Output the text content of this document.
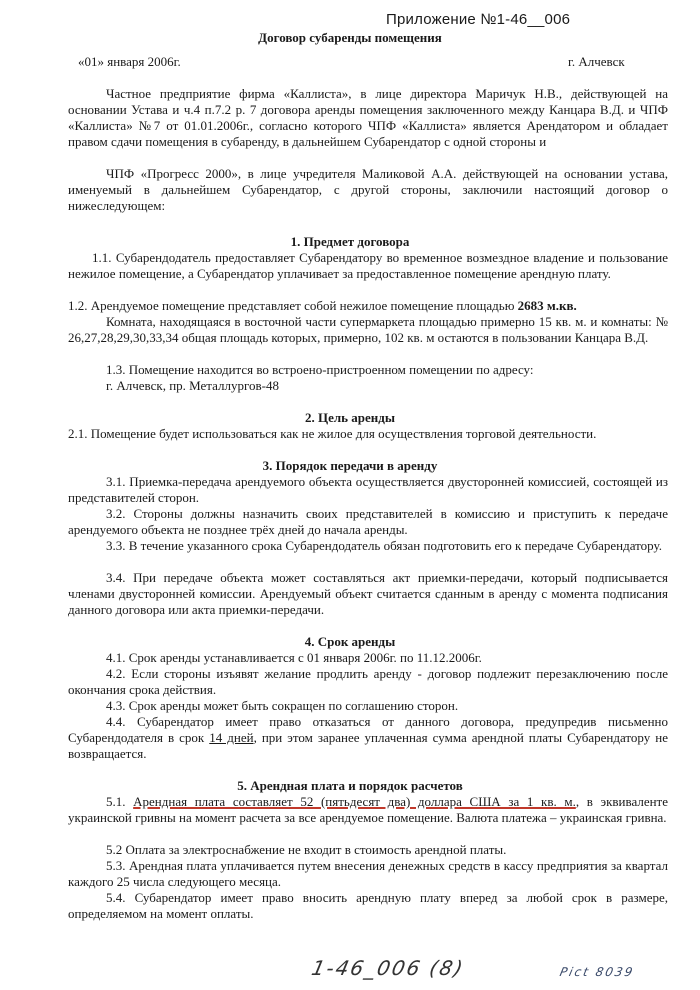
Приложение №1-46__006
Договор субаренды помещения
«01» января 2006г.	г. Алчевск
Частное предприятие фирма «Каллиста», в лице директора Маричук Н.В., действующей на основании Устава и ч.4 п.7.2 р. 7 договора аренды помещения заключенного между Канцара В.Д. и ЧПФ «Каллиста» №7 от 01.01.2006г., согласно которого ЧПФ «Каллиста» является Арендатором и обладает правом сдачи помещения в субаренду, в дальнейшем Субарендатор с одной стороны и
ЧПФ «Прогресс 2000», в лице учредителя Маликовой А.А. действующей на основании устава, именуемый в дальнейшем Субарендатор, с другой стороны, заключили настоящий договор о нижеследующем:
1. Предмет договора
1.1. Субарендодатель предоставляет Субарендатору во временное возмездное владение и пользование нежилое помещение, а Субарендатор уплачивает за предоставленное помещение арендную плату.
1.2. Арендуемое помещение представляет собой нежилое помещение площадью 2683 м.кв.
Комната, находящаяся в восточной части супермаркета площадью примерно 15 кв. м. и комнаты: № 26,27,28,29,30,33,34 общая площадь которых, примерно, 102 кв. м остаются в пользовании Канцара В.Д.
1.3. Помещение находится во встроено-пристроенном помещении по адресу:
г. Алчевск, пр. Металлургов-48
2. Цель аренды
2.1. Помещение будет использоваться как не жилое для осуществления торговой деятельности.
3. Порядок передачи в аренду
3.1. Приемка-передача арендуемого объекта осуществляется двусторонней комиссией, состоящей из представителей сторон.
3.2. Стороны должны назначить своих представителей в комиссию и приступить к передаче арендуемого объекта не позднее трёх дней до начала аренды.
3.3. В течение указанного срока Субарендодатель обязан подготовить его к передаче Субарендатору.
3.4. При передаче объекта может составляться акт приемки-передачи, который подписывается членами двусторонней комиссии. Арендуемый объект считается сданным в аренду с момента подписания данного договора или акта приемки-передачи.
4. Срок аренды
4.1. Срок аренды устанавливается с 01 января 2006г. по 11.12.2006г.
4.2. Если стороны изъявят желание продлить аренду - договор подлежит перезаключению после окончания срока действия.
4.3. Срок аренды может быть сокращен по соглашению сторон.
4.4. Субарендатор имеет право отказаться от данного договора, предупредив письменно Субарендодателя в срок 14 дней, при этом заранее уплаченная сумма арендной платы Субарендатору не возвращается.
5. Арендная плата и порядок расчетов
5.1. Арендная плата составляет 52 (пятьдесят два) доллара США за 1 кв. м., в эквиваленте украинской гривны на момент расчета за все арендуемое помещение. Валюта платежа – украинская гривна.
5.2 Оплата за электроснабжение не входит в стоимость арендной платы.
5.3. Арендная плата уплачивается путем внесения денежных средств в кассу предприятия за квартал каждого 25 числа следующего месяца.
5.4. Субарендатор имеет право вносить арендную плату вперед за любой срок в размере, определяемом на момент оплаты.
1-46_006 (8)	Pict 8039
